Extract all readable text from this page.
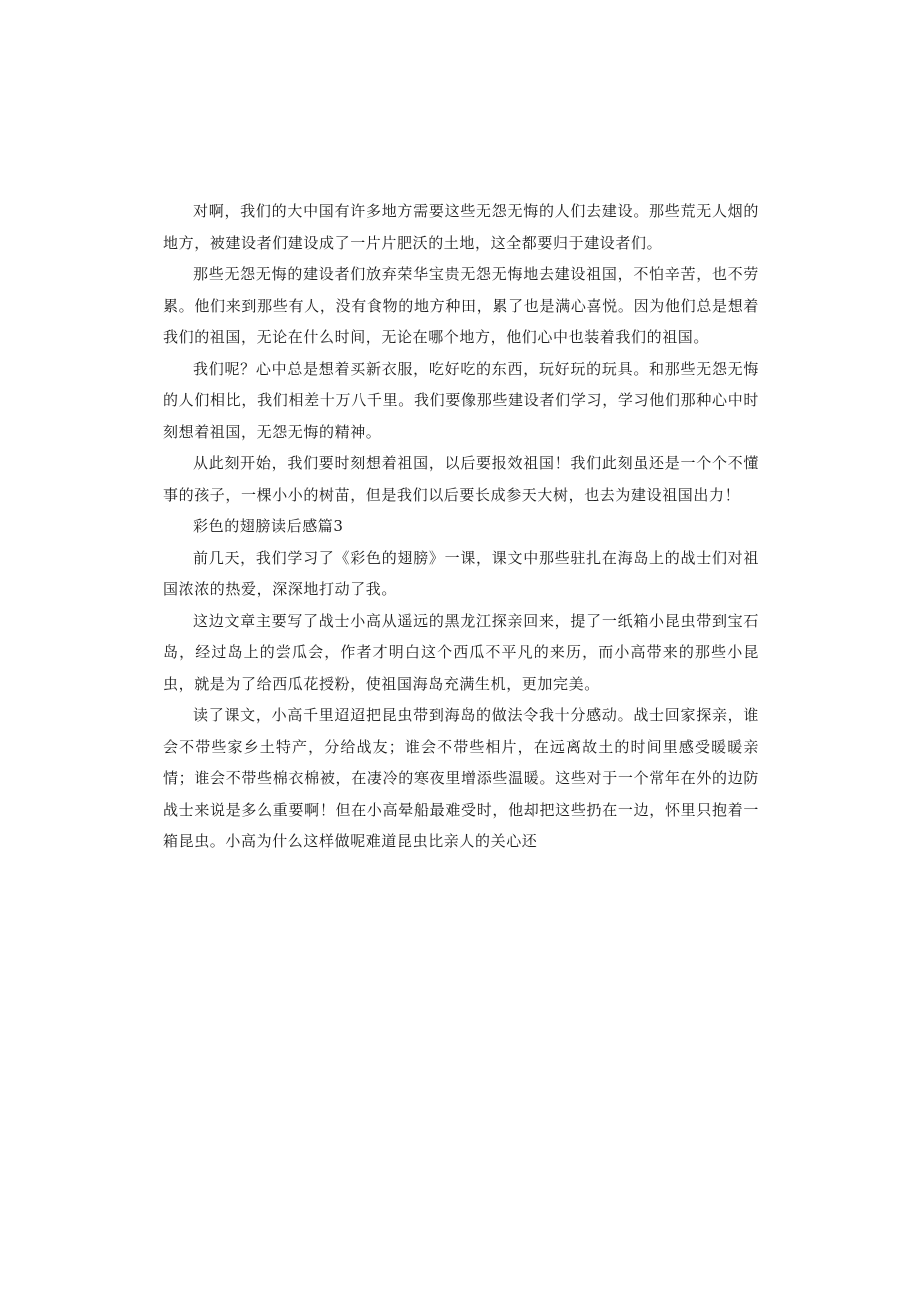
对啊，我们的大中国有许多地方需要这些无怨无悔的人们去建设。那些荒无人烟的地方，被建设者们建设成了一片片肥沃的土地，这全都要归于建设者们。

那些无怨无悔的建设者们放弃荣华宝贵无怨无悔地去建设祖国，不怕辛苦，也不劳累。他们来到那些有人，没有食物的地方种田，累了也是满心喜悦。因为他们总是想着我们的祖国，无论在什么时间，无论在哪个地方，他们心中也装着我们的祖国。

我们呢？心中总是想着买新衣服，吃好吃的东西，玩好玩的玩具。和那些无怨无悔的人们相比，我们相差十万八千里。我们要像那些建设者们学习，学习他们那种心中时刻想着祖国，无怨无悔的精神。

从此刻开始，我们要时刻想着祖国，以后要报效祖国！我们此刻虽还是一个个不懂事的孩子，一棵小小的树苗，但是我们以后要长成参天大树，也去为建设祖国出力！

彩色的翅膀读后感篇3

前几天，我们学习了《彩色的翅膀》一课，课文中那些驻扎在海岛上的战士们对祖国浓浓的热爱，深深地打动了我。

这边文章主要写了战士小高从遥远的黑龙江探亲回来，提了一纸箱小昆虫带到宝石岛，经过岛上的尝瓜会，作者才明白这个西瓜不平凡的来历，而小高带来的那些小昆虫，就是为了给西瓜花授粉，使祖国海岛充满生机，更加完美。

读了课文，小高千里迢迢把昆虫带到海岛的做法令我十分感动。战士回家探亲，谁会不带些家乡土特产，分给战友；谁会不带些相片，在远离故土的时间里感受暖暖亲情；谁会不带些棉衣棉被，在凄冷的寒夜里增添些温暖。这些对于一个常年在外的边防战士来说是多么重要啊！但在小高晕船最难受时，他却把这些扔在一边，怀里只抱着一箱昆虫。小高为什么这样做呢难道昆虫比亲人的关心还
